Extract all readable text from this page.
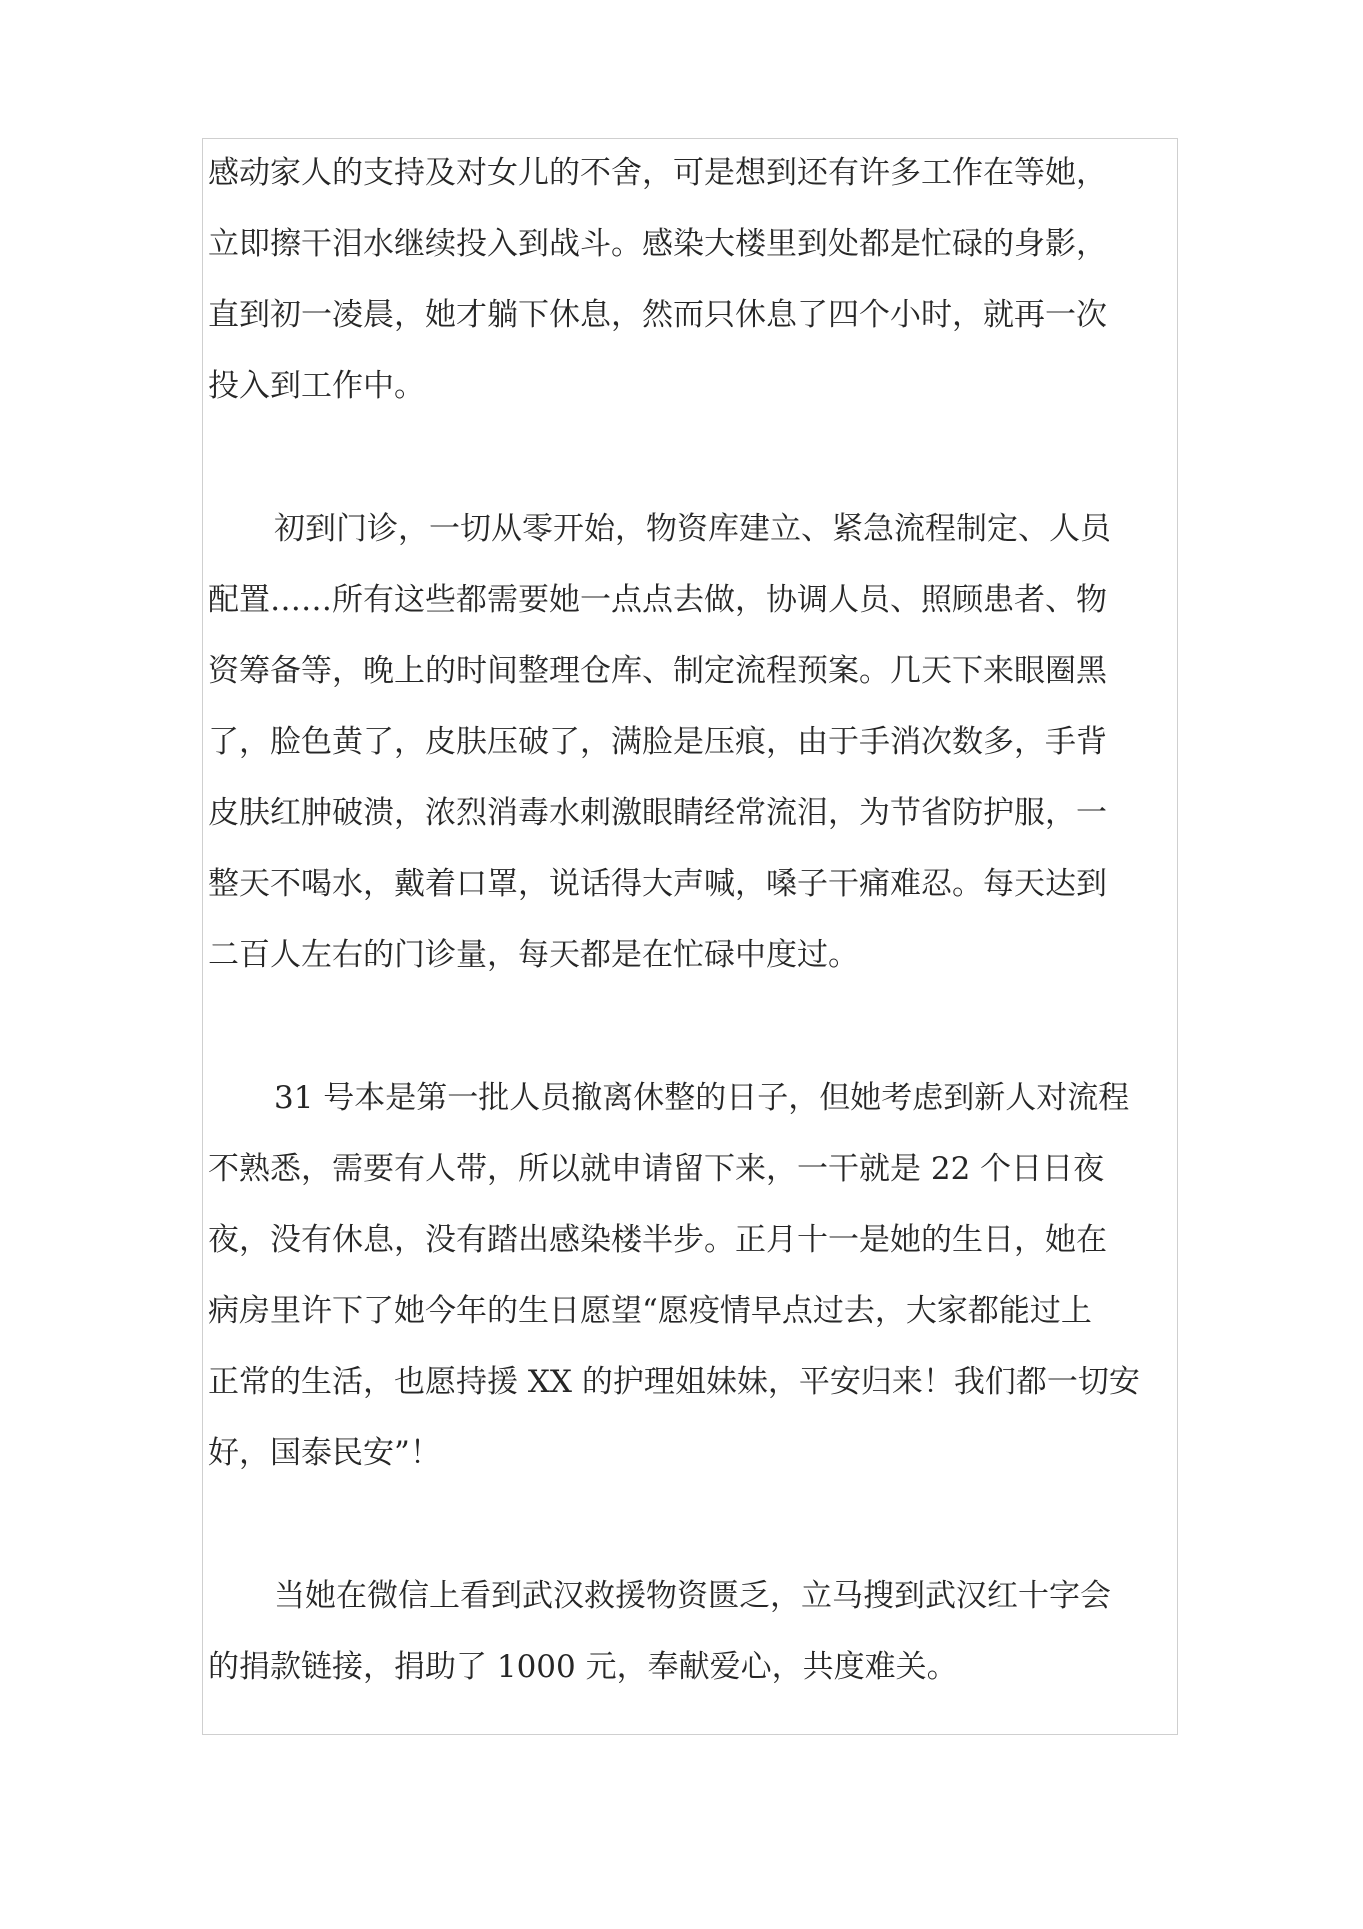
感动家人的支持及对女儿的不舍，可是想到还有许多工作在等她，
立即擦干泪水继续投入到战斗。感染大楼里到处都是忙碌的身影，
直到初一凌晨，她才躺下休息，然而只休息了四个小时，就再一次
投入到工作中。

初到门诊，一切从零开始，物资库建立、紧急流程制定、人员
配置……所有这些都需要她一点点去做，协调人员、照顾患者、物
资筹备等，晚上的时间整理仓库、制定流程预案。几天下来眼圈黑
了，脸色黄了，皮肤压破了，满脸是压痕，由于手消次数多，手背
皮肤红肿破溃，浓烈消毒水刺激眼睛经常流泪，为节省防护服，一
整天不喝水，戴着口罩，说话得大声喊，嗓子干痛难忍。每天达到
二百人左右的门诊量，每天都是在忙碌中度过。

31 号本是第一批人员撤离休整的日子，但她考虑到新人对流程
不熟悉，需要有人带，所以就申请留下来，一干就是 22 个日日夜
夜，没有休息，没有踏出感染楼半步。正月十一是她的生日，她在
病房里许下了她今年的生日愿望“愿疫情早点过去，大家都能过上
正常的生活，也愿持援 XX 的护理姐妹妹，平安归来！我们都一切安
好，国泰民安”！

当她在微信上看到武汉救援物资匮乏，立马搜到武汉红十字会
的捐款链接，捐助了 1000 元，奉献爱心，共度难关。
